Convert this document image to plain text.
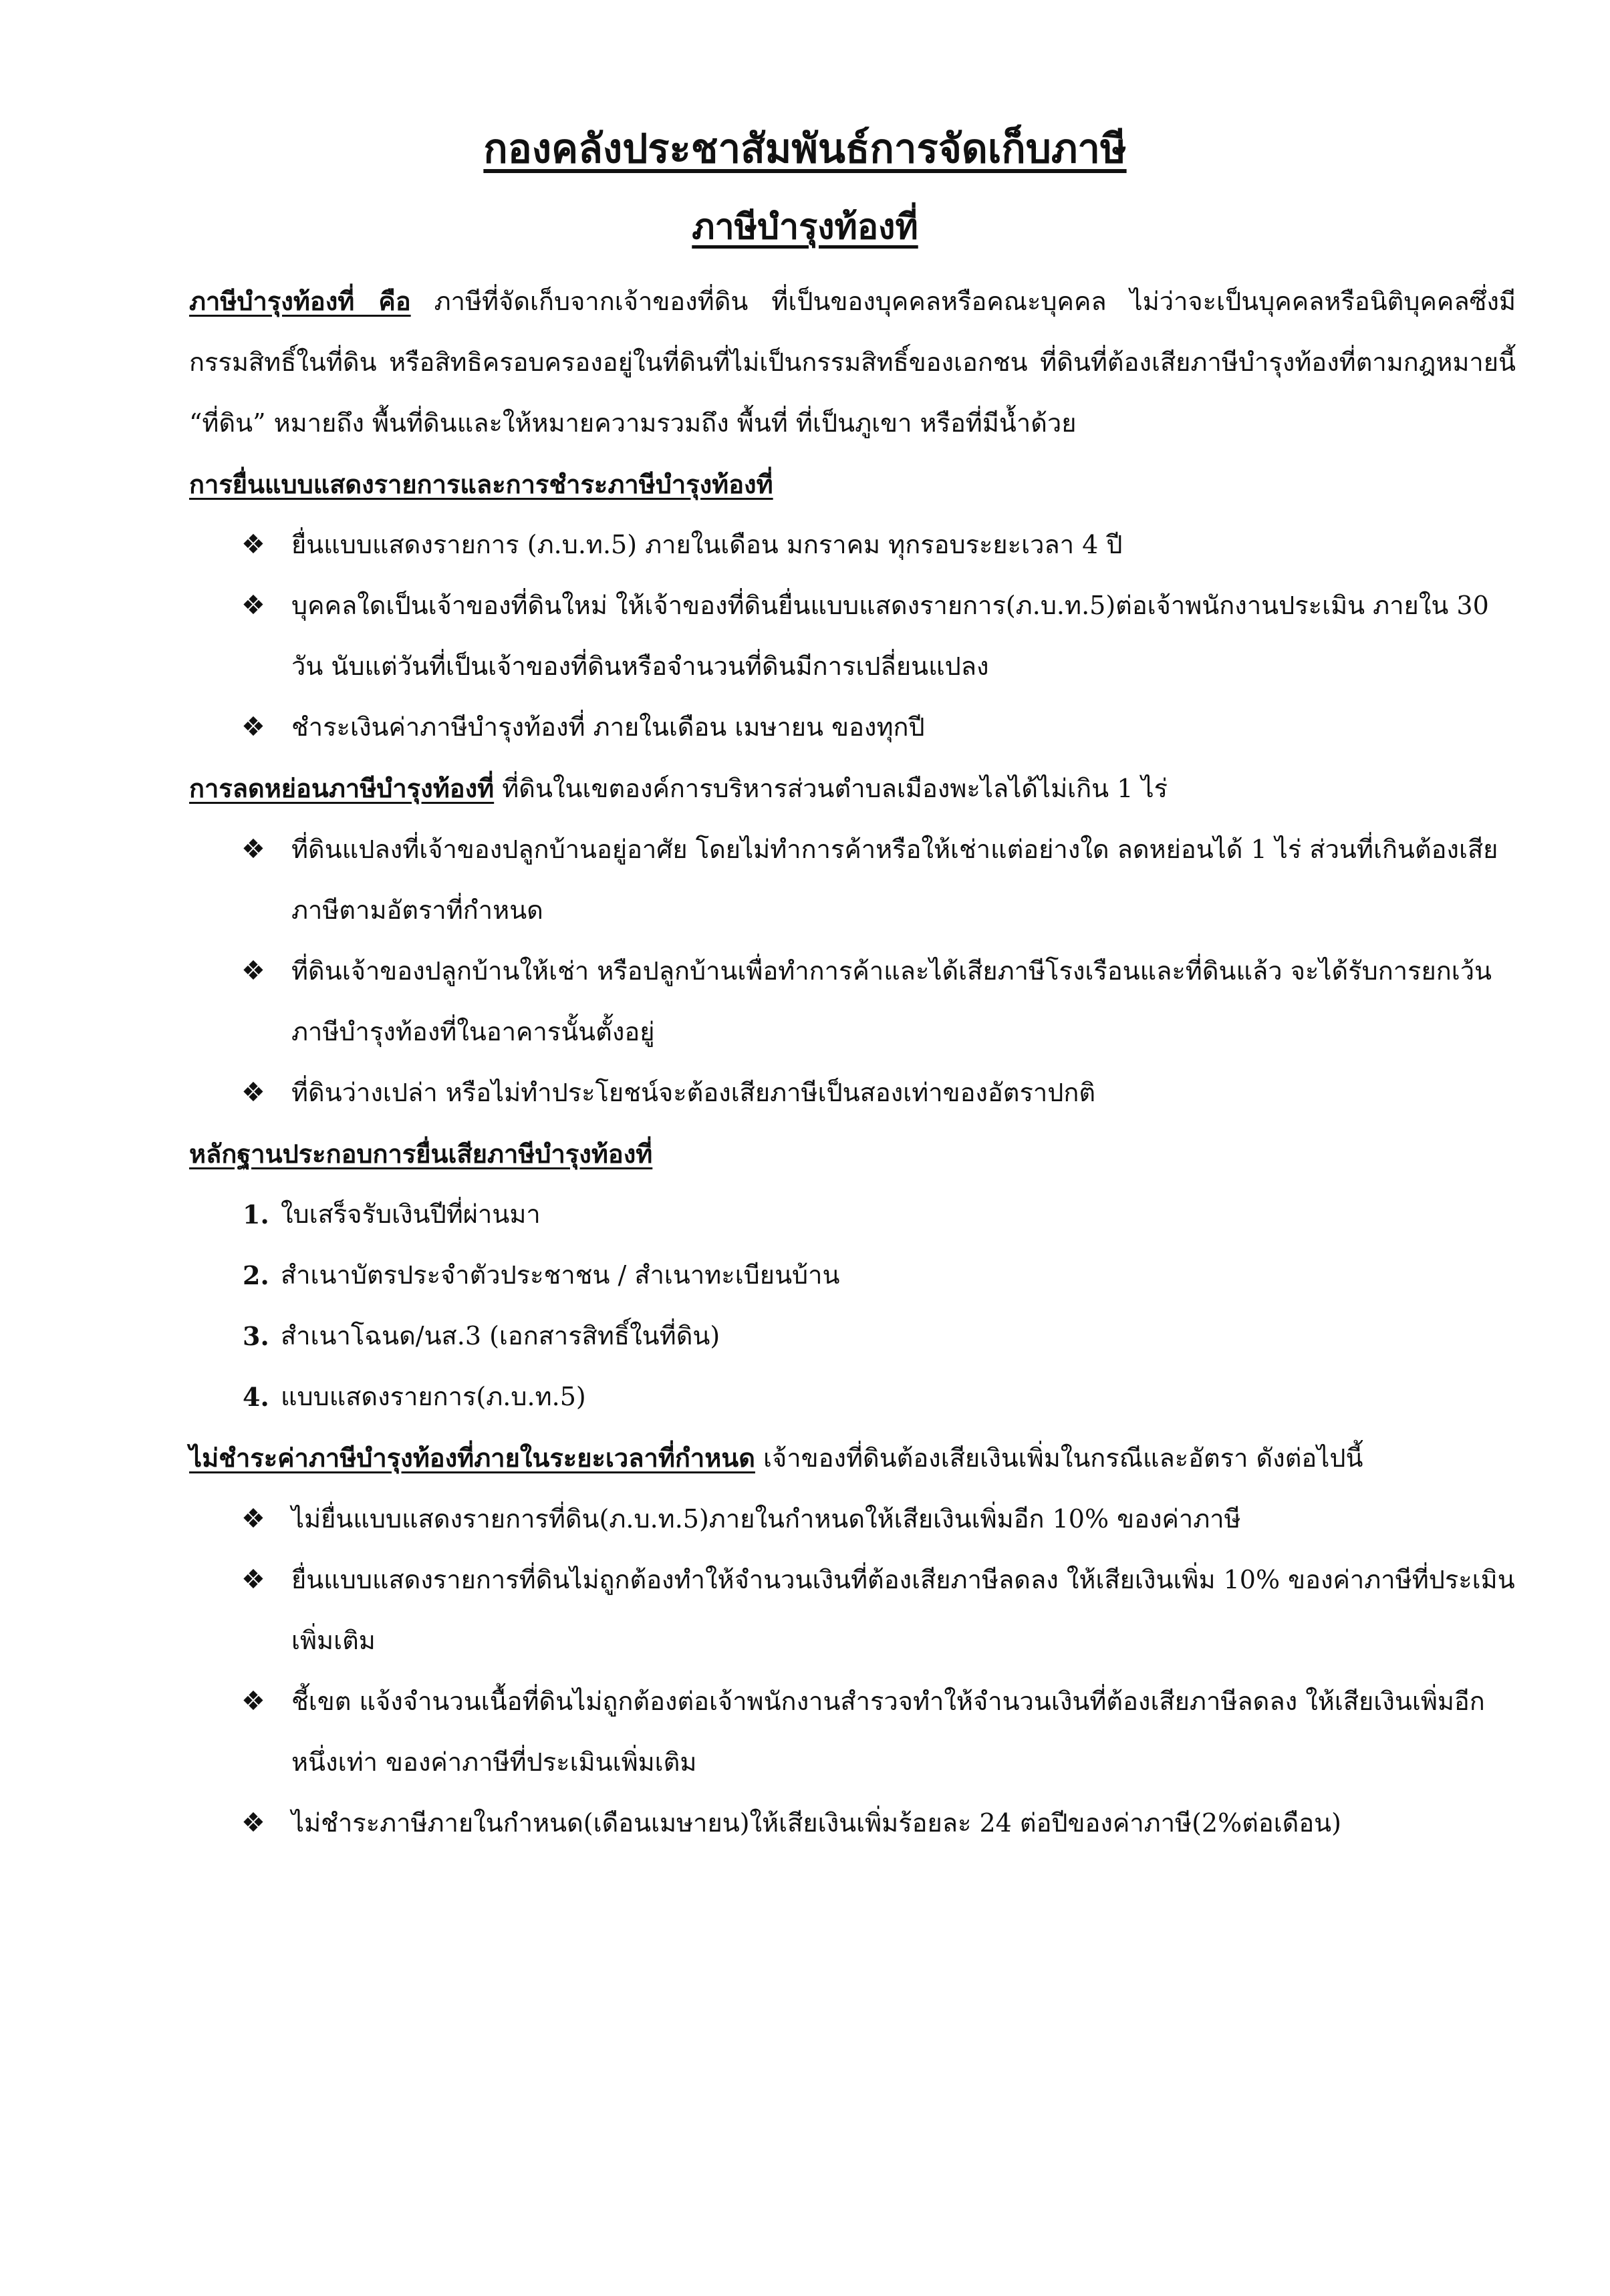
กองคลังประชาสัมพันธ์การจัดเก็บภาษี
ภาษีบำรุงท้องที่

ภาษีบำรุงท้องที่ คือ ภาษีที่จัดเก็บจากเจ้าของที่ดิน ที่เป็นของบุคคลหรือคณะบุคคล ไม่ว่าจะเป็นบุคคลหรือนิติบุคคลซึ่งมีกรรมสิทธิ์ในที่ดิน หรือสิทธิครอบครองอยู่ในที่ดินที่ไม่เป็นกรรมสิทธิ์ของเอกชน ที่ดินที่ต้องเสียภาษีบำรุงท้องที่ตามกฎหมายนี้ “ที่ดิน” หมายถึง พื้นที่ดินและให้หมายความรวมถึง พื้นที่ ที่เป็นภูเขา หรือที่มีน้ำด้วย

การยื่นแบบแสดงรายการและการชำระภาษีบำรุงท้องที่

❖ ยื่นแบบแสดงรายการ (ภ.บ.ท.5) ภายในเดือน มกราคม ทุกรอบระยะเวลา 4 ปี
❖ บุคคลใดเป็นเจ้าของที่ดินใหม่ ให้เจ้าของที่ดินยื่นแบบแสดงรายการ(ภ.บ.ท.5)ต่อเจ้าพนักงานประเมิน ภายใน 30 วัน นับแต่วันที่เป็นเจ้าของที่ดินหรือจำนวนที่ดินมีการเปลี่ยนแปลง
❖ ชำระเงินค่าภาษีบำรุงท้องที่ ภายในเดือน เมษายน ของทุกปี

การลดหย่อนภาษีบำรุงท้องที่ ที่ดินในเขตองค์การบริหารส่วนตำบลเมืองพะไลได้ไม่เกิน 1 ไร่

❖ ที่ดินแปลงที่เจ้าของปลูกบ้านอยู่อาศัย โดยไม่ทำการค้าหรือให้เช่าแต่อย่างใด ลดหย่อนได้ 1 ไร่ ส่วนที่เกินต้องเสียภาษีตามอัตราที่กำหนด
❖ ที่ดินเจ้าของปลูกบ้านให้เช่า หรือปลูกบ้านเพื่อทำการค้าและได้เสียภาษีโรงเรือนและที่ดินแล้ว จะได้รับการยกเว้นภาษีบำรุงท้องที่ในอาคารนั้นตั้งอยู่
❖ ที่ดินว่างเปล่า หรือไม่ทำประโยชน์จะต้องเสียภาษีเป็นสองเท่าของอัตราปกติ

หลักฐานประกอบการยื่นเสียภาษีบำรุงท้องที่

1. ใบเสร็จรับเงินปีที่ผ่านมา
2. สำเนาบัตรประจำตัวประชาชน / สำเนาทะเบียนบ้าน
3. สำเนาโฉนด/นส.3 (เอกสารสิทธิ์ในที่ดิน)
4. แบบแสดงรายการ(ภ.บ.ท.5)

ไม่ชำระค่าภาษีบำรุงท้องที่ภายในระยะเวลาที่กำหนด เจ้าของที่ดินต้องเสียเงินเพิ่มในกรณีและอัตรา ดังต่อไปนี้

❖ ไม่ยื่นแบบแสดงรายการที่ดิน(ภ.บ.ท.5)ภายในกำหนดให้เสียเงินเพิ่มอีก 10% ของค่าภาษี
❖ ยื่นแบบแสดงรายการที่ดินไม่ถูกต้องทำให้จำนวนเงินที่ต้องเสียภาษีลดลง ให้เสียเงินเพิ่ม 10% ของค่าภาษีที่ประเมินเพิ่มเติม
❖ ชี้เขต แจ้งจำนวนเนื้อที่ดินไม่ถูกต้องต่อเจ้าพนักงานสำรวจทำให้จำนวนเงินที่ต้องเสียภาษีลดลง ให้เสียเงินเพิ่มอีก หนึ่งเท่า ของค่าภาษีที่ประเมินเพิ่มเติม
❖ ไม่ชำระภาษีภายในกำหนด(เดือนเมษายน)ให้เสียเงินเพิ่มร้อยละ 24 ต่อปีของค่าภาษี(2%ต่อเดือน)
